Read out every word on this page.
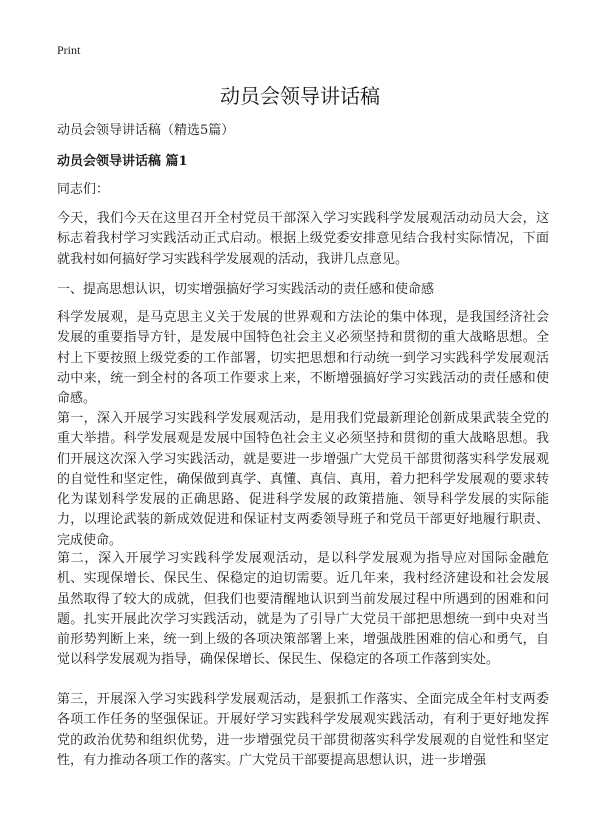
Print
动员会领导讲话稿

动员会领导讲话稿（精选5篇）

动员会领导讲话稿 篇1

同志们：

今天，我们今天在这里召开全村党员干部深入学习实践科学发展观活动动员大会，这标志着我村学习实践活动正式启动。根据上级党委安排意见结合我村实际情况，下面就我村如何搞好学习实践科学发展观的活动，我讲几点意见。

一、提高思想认识，切实增强搞好学习实践活动的责任感和使命感

科学发展观，是马克思主义关于发展的世界观和方法论的集中体现，是我国经济社会发展的重要指导方针，是发展中国特色社会主义必须坚持和贯彻的重大战略思想。全村上下要按照上级党委的工作部署，切实把思想和行动统一到学习实践科学发展观活动中来，统一到全村的各项工作要求上来，不断增强搞好学习实践活动的责任感和使命感。

第一，深入开展学习实践科学发展观活动，是用我们党最新理论创新成果武装全党的重大举措。科学发展观是发展中国特色社会主义必须坚持和贯彻的重大战略思想。我们开展这次深入学习实践活动，就是要进一步增强广大党员干部贯彻落实科学发展观的自觉性和坚定性，确保做到真学、真懂、真信、真用，着力把科学发展观的要求转化为谋划科学发展的正确思路、促进科学发展的政策措施、领导科学发展的实际能力，以理论武装的新成效促进和保证村支两委领导班子和党员干部更好地履行职责、完成使命。

第二，深入开展学习实践科学发展观活动，是以科学发展观为指导应对国际金融危机、实现保增长、保民生、保稳定的迫切需要。近几年来，我村经济建设和社会发展虽然取得了较大的成就，但我们也要清醒地认识到当前发展过程中所遇到的困难和问题。扎实开展此次学习实践活动，就是为了引导广大党员干部把思想统一到中央对当前形势判断上来，统一到上级的各项决策部署上来，增强战胜困难的信心和勇气，自觉以科学发展观为指导，确保保增长、保民生、保稳定的各项工作落到实处。

第三，开展深入学习实践科学发展观活动，是狠抓工作落实、全面完成全年村支两委各项工作任务的坚强保证。开展好学习实践科学发展观实践活动，有利于更好地发挥党的政治优势和组织优势，进一步增强党员干部贯彻落实科学发展观的自觉性和坚定性，有力推动各项工作的落实。广大党员干部要提高思想认识，进一步增强
